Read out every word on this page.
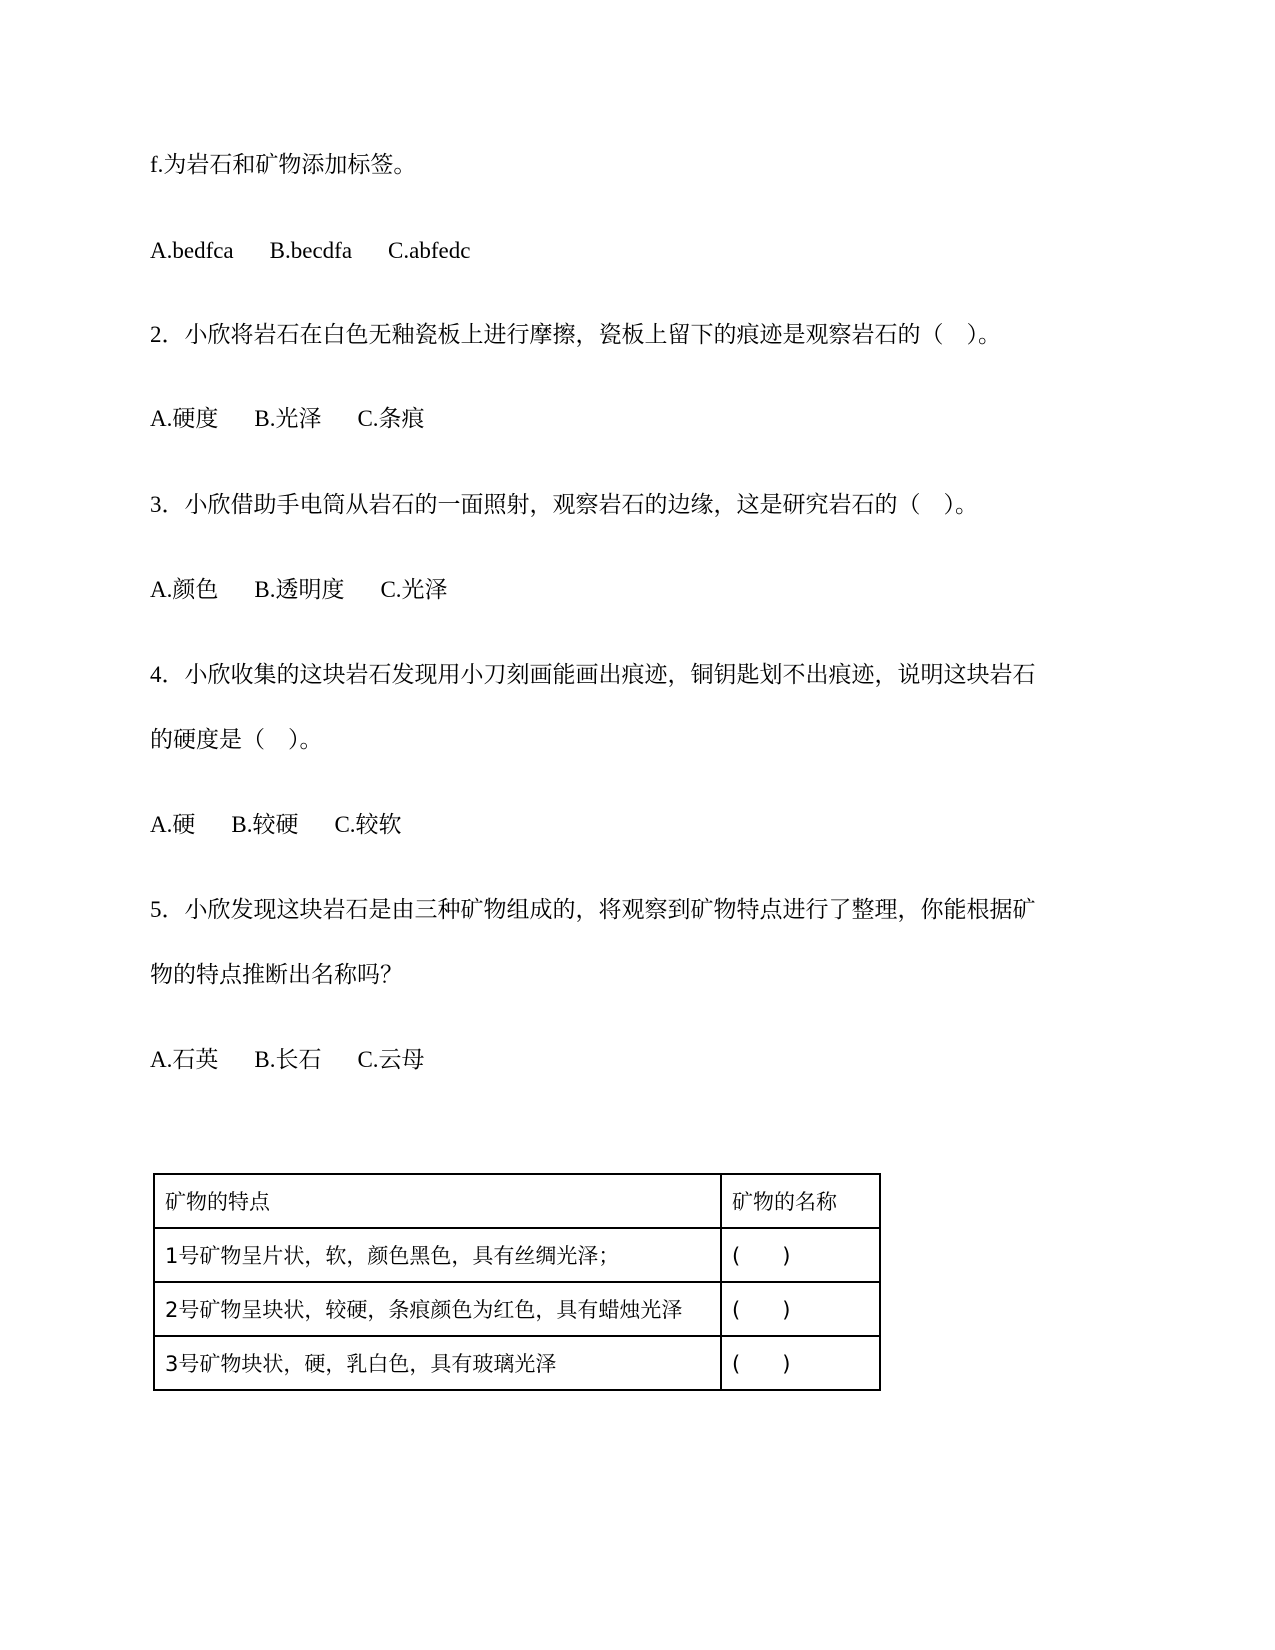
f.为岩石和矿物添加标签。
A.bedfca B.becdfa C.abfedc
2．小欣将岩石在白色无釉瓷板上进行摩擦，瓷板上留下的痕迹是观察岩石的（　）。
A.硬度 B.光泽 C.条痕
3．小欣借助手电筒从岩石的一面照射，观察岩石的边缘，这是研究岩石的（　）。
A.颜色 B.透明度 C.光泽
4．小欣收集的这块岩石发现用小刀刻画能画出痕迹，铜钥匙划不出痕迹，说明这块岩石
的硬度是（　）。
A.硬 B.较硬 C.较软
5．小欣发现这块岩石是由三种矿物组成的，将观察到矿物特点进行了整理，你能根据矿
物的特点推断出名称吗？
A.石英 B.长石 C.云母
矿物的特点	矿物的名称
1号矿物呈片状，软，颜色黑色，具有丝绸光泽；	(　　)
2号矿物呈块状，较硬，条痕颜色为红色，具有蜡烛光泽	(　　)
3号矿物块状，硬，乳白色，具有玻璃光泽	(　　)
